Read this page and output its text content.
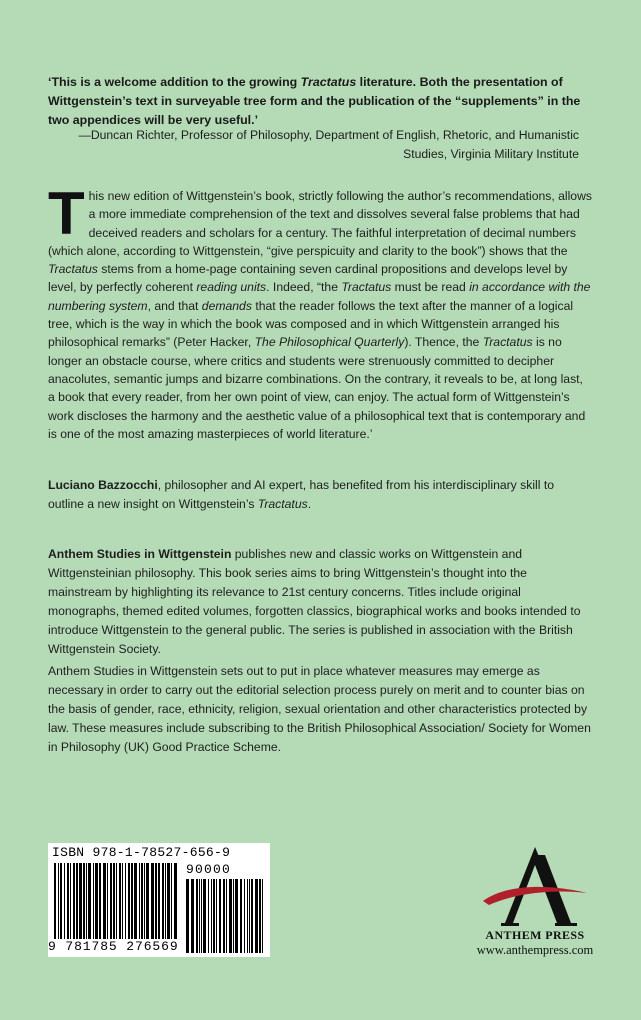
‘This is a welcome addition to the growing Tractatus literature. Both the presentation of Wittgenstein’s text in surveyable tree form and the publication of the “supplements” in the two appendices will be very useful.’
—Duncan Richter, Professor of Philosophy, Department of English, Rhetoric, and Humanistic Studies, Virginia Military Institute
This new edition of Wittgenstein’s book, strictly following the author’s recommendations, allows a more immediate comprehension of the text and dissolves several false problems that had deceived readers and scholars for a century. The faithful interpretation of decimal numbers (which alone, according to Wittgenstein, “give perspicuity and clarity to the book”) shows that the Tractatus stems from a home-page containing seven cardinal propositions and develops level by level, by perfectly coherent reading units. Indeed, “the Tractatus must be read in accordance with the numbering system, and that demands that the reader follows the text after the manner of a logical tree, which is the way in which the book was composed and in which Wittgenstein arranged his philosophical remarks” (Peter Hacker, The Philosophical Quarterly). Thence, the Tractatus is no longer an obstacle course, where critics and students were strenuously committed to decipher anacolutes, semantic jumps and bizarre combinations. On the contrary, it reveals to be, at long last, a book that every reader, from her own point of view, can enjoy. The actual form of Wittgenstein’s work discloses the harmony and the aesthetic value of a philosophical text that is contemporary and is one of the most amazing masterpieces of world literature.’
Luciano Bazzocchi, philosopher and AI expert, has benefited from his interdisciplinary skill to outline a new insight on Wittgenstein’s Tractatus.
Anthem Studies in Wittgenstein publishes new and classic works on Wittgenstein and Wittgensteinian philosophy. This book series aims to bring Wittgenstein’s thought into the mainstream by highlighting its relevance to 21st century concerns. Titles include original monographs, themed edited volumes, forgotten classics, biographical works and books intended to introduce Wittgenstein to the general public. The series is published in association with the British Wittgenstein Society.
Anthem Studies in Wittgenstein sets out to put in place whatever measures may emerge as necessary in order to carry out the editorial selection process purely on merit and to counter bias on the basis of gender, race, ethnicity, religion, sexual orientation and other characteristics protected by law. These measures include subscribing to the British Philosophical Association/ Society for Women in Philosophy (UK) Good Practice Scheme.
ISBN 978-1-78527-656-9
90000
9 781785 276569
ANTHEM PRESS
www.anthempress.com
